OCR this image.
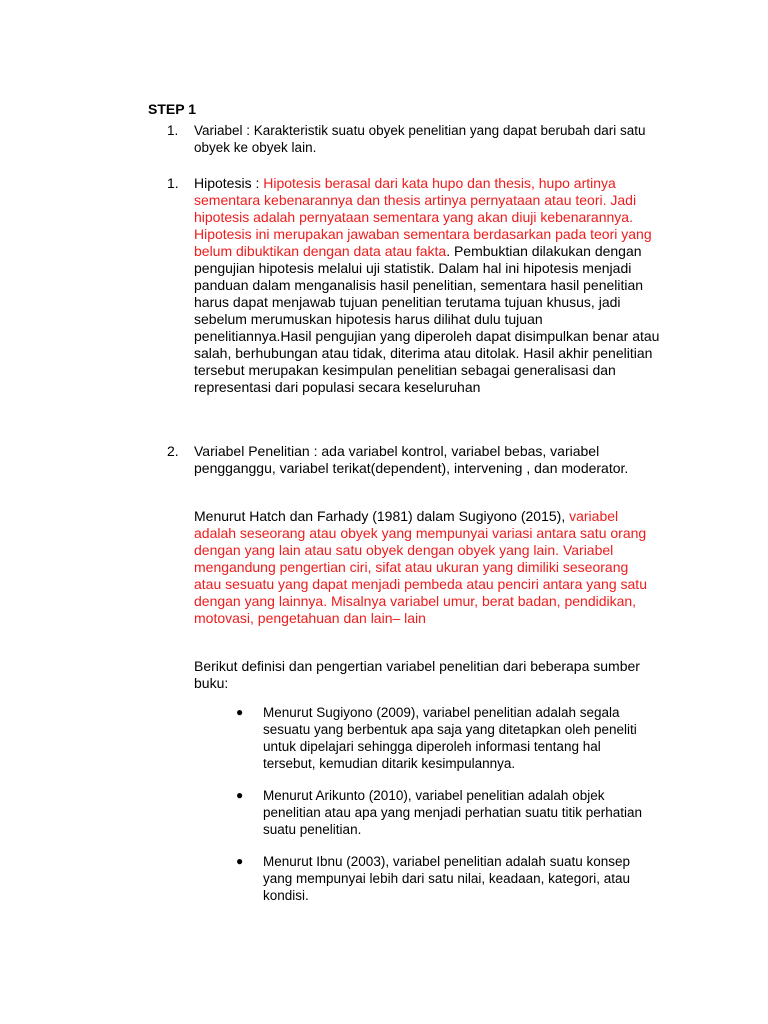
STEP 1
1.	Variabel : Karakteristik suatu obyek penelitian yang dapat berubah dari satu obyek ke obyek lain.
1.	Hipotesis : Hipotesis berasal dari kata hupo dan thesis, hupo artinya sementara kebenarannya dan thesis artinya pernyataan atau teori. Jadi hipotesis adalah pernyataan sementara yang akan diuji kebenarannya. Hipotesis ini merupakan jawaban sementara berdasarkan pada teori yang belum dibuktikan dengan data atau fakta. Pembuktian dilakukan dengan pengujian hipotesis melalui uji statistik. Dalam hal ini hipotesis menjadi panduan dalam menganalisis hasil penelitian, sementara hasil penelitian harus dapat menjawab tujuan penelitian terutama tujuan khusus, jadi sebelum merumuskan hipotesis harus dilihat dulu tujuan penelitiannya.Hasil pengujian yang diperoleh dapat disimpulkan benar atau salah, berhubungan atau tidak, diterima atau ditolak. Hasil akhir penelitian tersebut merupakan kesimpulan penelitian sebagai generalisasi dan representasi dari populasi secara keseluruhan
2.	Variabel Penelitian : ada variabel kontrol, variabel bebas, variabel pengganggu, variabel terikat(dependent), intervening , dan moderator.
Menurut Hatch dan Farhady (1981) dalam Sugiyono (2015), variabel adalah seseorang atau obyek yang mempunyai variasi antara satu orang dengan yang lain atau satu obyek dengan obyek yang lain. Variabel mengandung pengertian ciri, sifat atau ukuran yang dimiliki seseorang atau sesuatu yang dapat menjadi pembeda atau penciri antara yang satu dengan yang lainnya. Misalnya variabel umur, berat badan, pendidikan, motovasi, pengetahuan dan lain– lain
Berikut definisi dan pengertian variabel penelitian dari beberapa sumber buku:
● Menurut Sugiyono (2009), variabel penelitian adalah segala sesuatu yang berbentuk apa saja yang ditetapkan oleh peneliti untuk dipelajari sehingga diperoleh informasi tentang hal tersebut, kemudian ditarik kesimpulannya.
● Menurut Arikunto (2010), variabel penelitian adalah objek penelitian atau apa yang menjadi perhatian suatu titik perhatian suatu penelitian.
● Menurut Ibnu (2003), variabel penelitian adalah suatu konsep yang mempunyai lebih dari satu nilai, keadaan, kategori, atau kondisi.
